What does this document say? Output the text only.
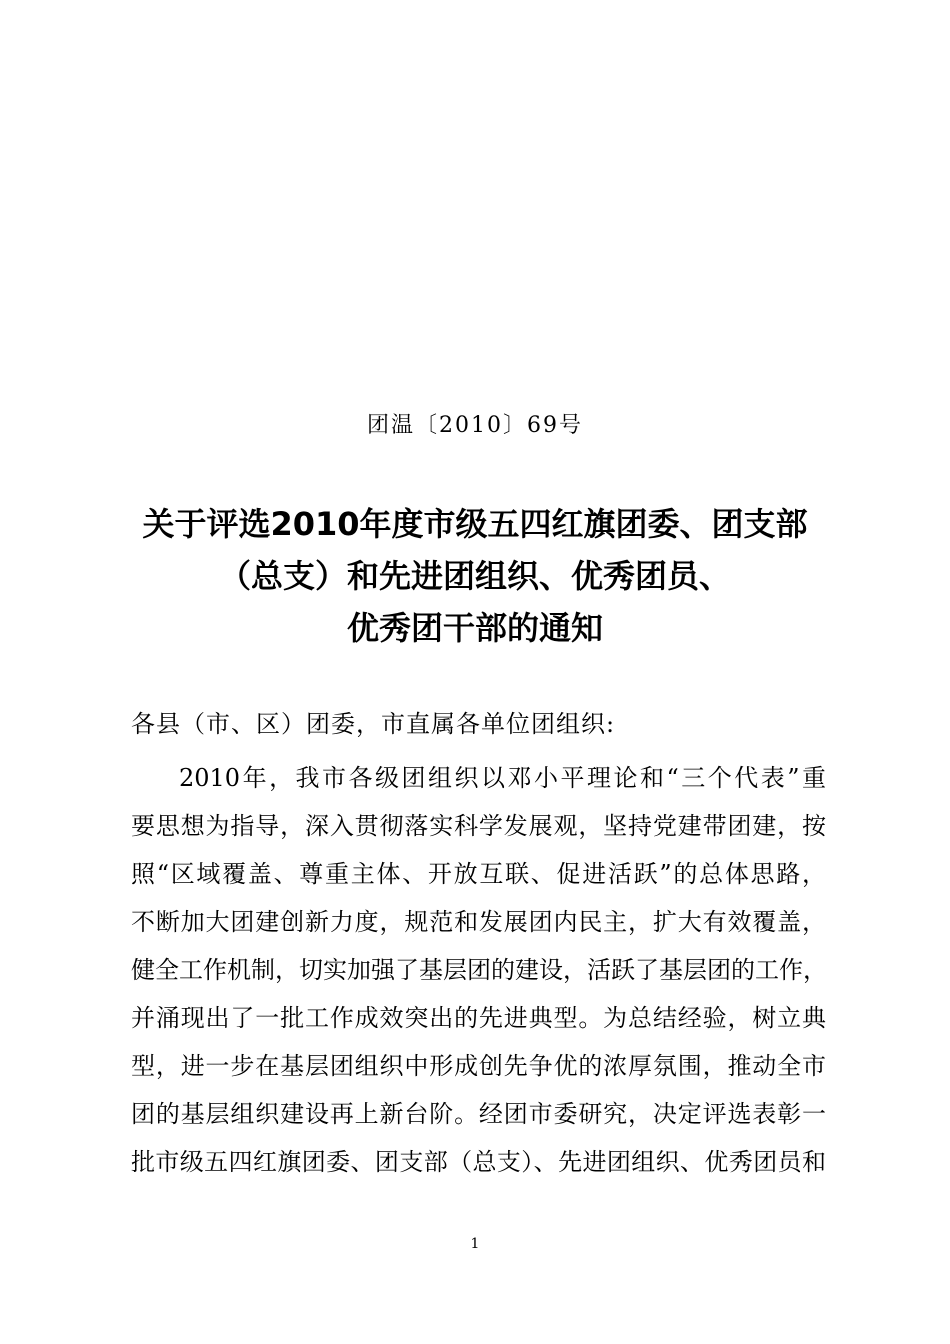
团温〔2010〕69号
关于评选2010年度市级五四红旗团委、团支部
（总支）和先进团组织、优秀团员、
优秀团干部的通知
各县（市、区）团委，市直属各单位团组织:
2010年，我市各级团组织以邓小平理论和“三个代表”重
要思想为指导，深入贯彻落实科学发展观，坚持党建带团建，按
照“区域覆盖、尊重主体、开放互联、促进活跃”的总体思路，
不断加大团建创新力度，规范和发展团内民主，扩大有效覆盖，
健全工作机制，切实加强了基层团的建设，活跃了基层团的工作，
并涌现出了一批工作成效突出的先进典型。为总结经验，树立典
型，进一步在基层团组织中形成创先争优的浓厚氛围，推动全市
团的基层组织建设再上新台阶。经团市委研究，决定评选表彰一
批市级五四红旗团委、团支部（总支）、先进团组织、优秀团员和
1
